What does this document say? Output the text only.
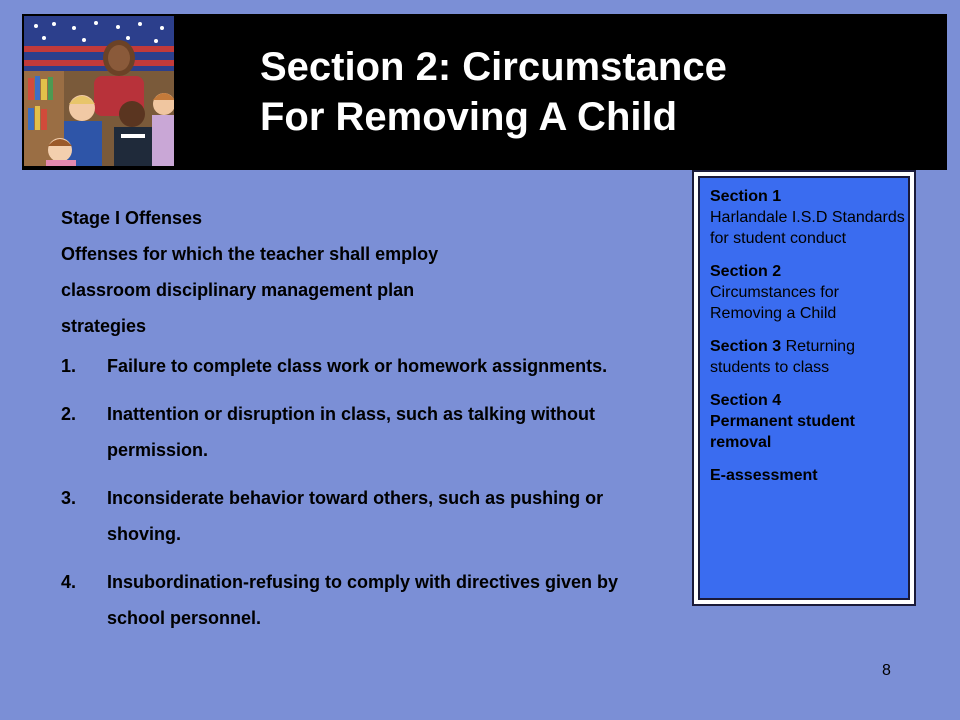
Section 2: Circumstance
For Removing A Child
Stage I Offenses
Offenses for which the teacher shall employ
classroom disciplinary management plan
strategies
1. Failure to complete class work or homework assignments.
2. Inattention or disruption in class, such as talking without permission.
3. Inconsiderate behavior toward others, such as pushing or shoving.
4. Insubordination-refusing to comply with directives given by school personnel.
Section 1
Harlandale I.S.D Standards for student conduct
Section 2
Circumstances for Removing a Child
Section 3 Returning students to class
Section 4
Permanent student removal
E-assessment
8
